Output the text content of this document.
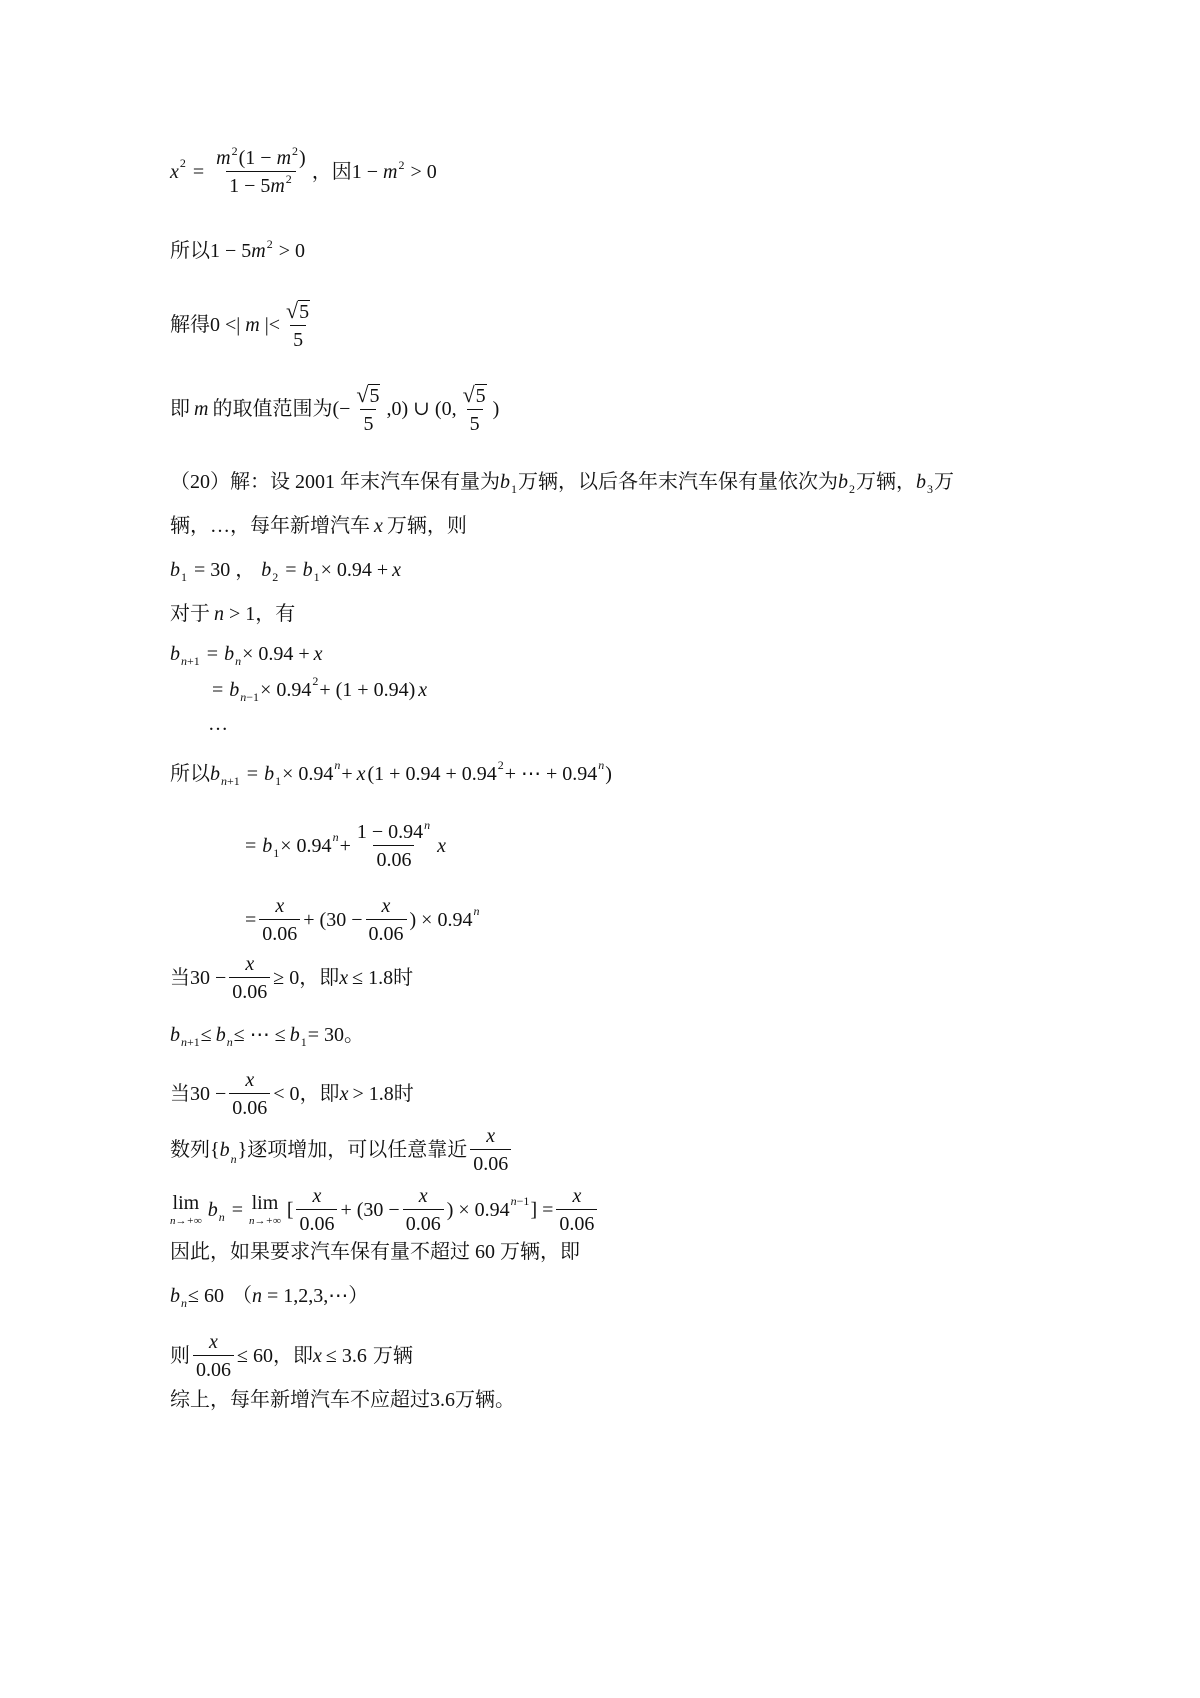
x $2 = \frac{m^2(1 - m^2)}{1 - 5m^2}$ ，因 $1 - m^2 > 0$
所以 $1 - 5m^2 > 0$
解得 0 <| m |< $\frac{√ 5}{5}$
即 m 的取值范围为 (− $\frac{√ 5}{5} ,0$) ∪ (0, $\frac{√ 5}{5}$ )
（20）解： 设 2001 年末汽车保有量为 b 1 万辆，以后各年末汽车保有量依次为 b 2 万辆， b 3 万
辆，…，每年新增汽车 x 万辆，则
b 1 = 30 ， b 2 = b 1 × 0.94 + x
对于 n > 1 ，有
b n+1 = b n × 0.94 + x
= b n−1 × 0.94 2 + (1 + 0.94) x
…
所以 b n+1 = b 1 × 0.94 n + x (1 + 0.94 + 0.94 2 + ⋯ + 0.94 n )
= b 1 × 0.94 $n + \frac{1 - 0.94^n}{0.06}$ x
= $\frac{x}{0.06} + (30 - \frac{x}{0.06}$ ) × 0.94 n
当 $30 - \frac{x}{0.06} \ge 0$ ，即 x ≤ 1.8 时
b n+1 ≤ b n ≤ ⋯ ≤ b 1 = 30 。
当 $30 - \frac{x}{0.06} < 0$ ，即 x > 1.8 时
数列 $\{b_n\}$ 逐项增加，可以任意靠近 $\frac{x}{0.06}$
lim
n→+∞ b n = lim
n→+∞ [ $\frac{x}{0.06} + (30 - \frac{x}{0.06}$ ) × 0.94 n−1 ] = $\frac{x}{0.06}$
因此，如果要求汽车保有量不超过 60 万辆，即
b n ≤ 60 （ n = 1,2,3,⋯ ）
则 $\frac{x}{0.06} \le 60$ ，即 x ≤ 3.6 万辆
综上，每年新增汽车不应超过 3.6 万辆。
